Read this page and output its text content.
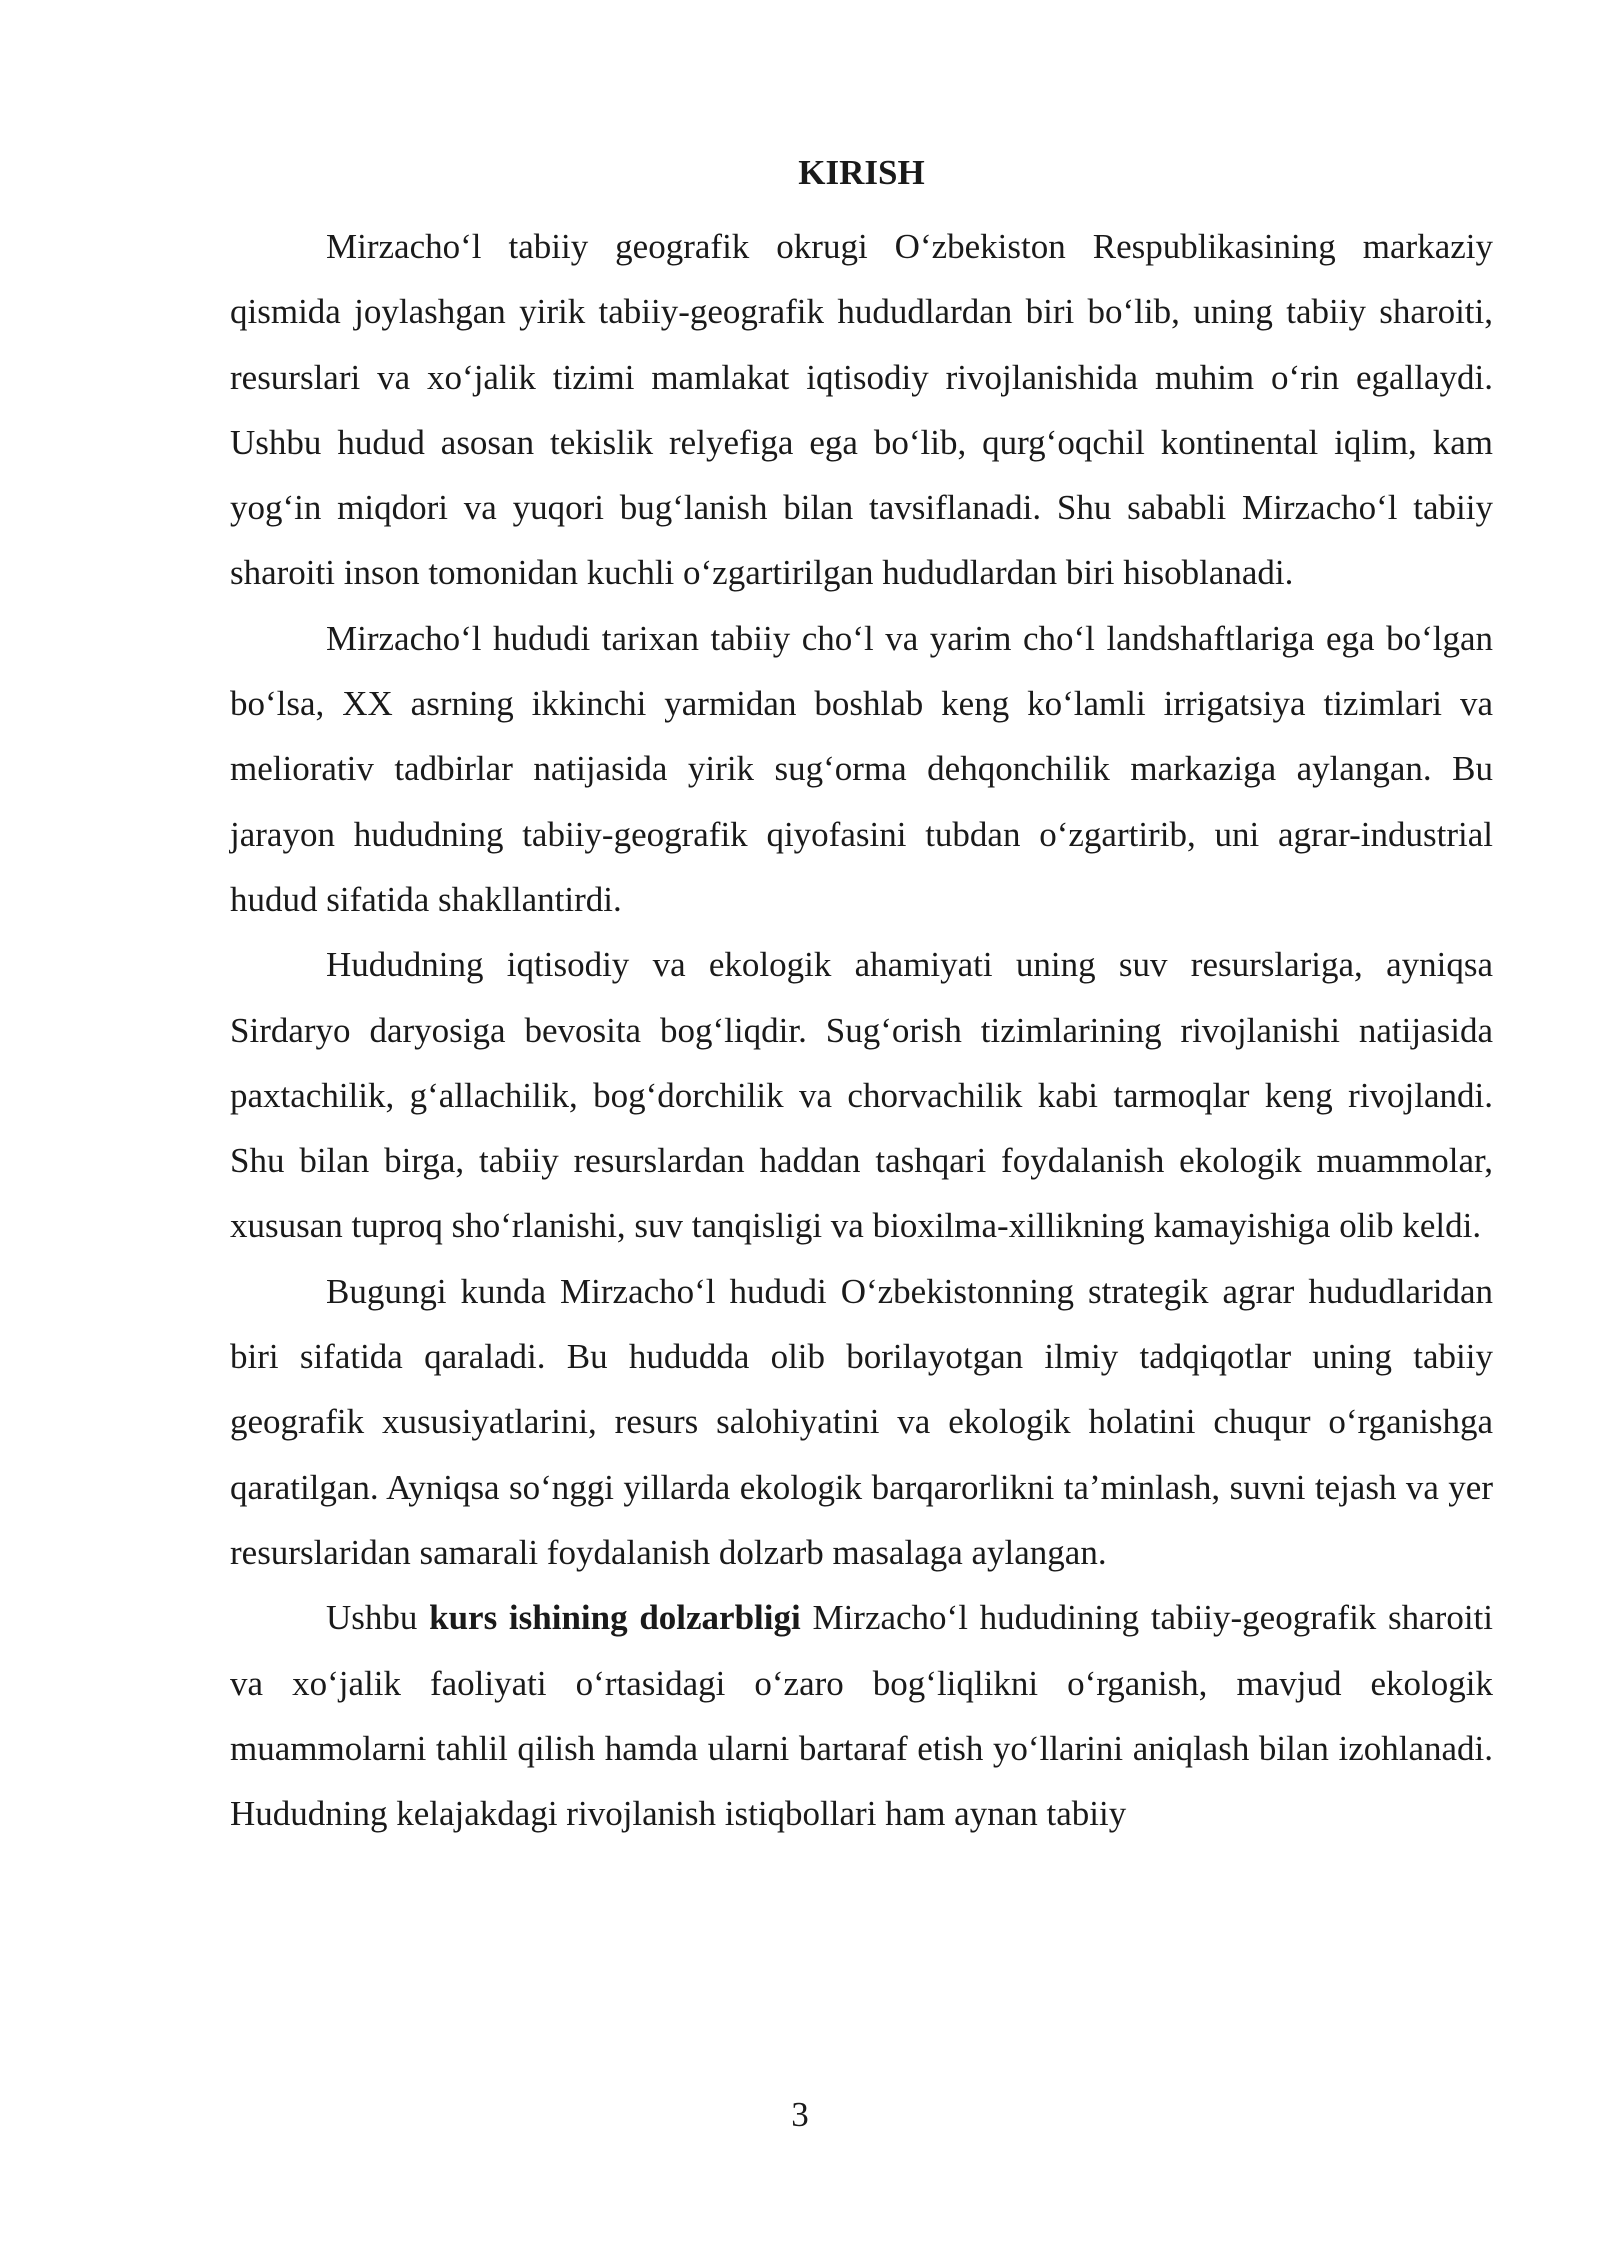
KIRISH

Mirzachoʻl tabiiy geografik okrugi Oʻzbekiston Respublikasining markaziy qismida joylashgan yirik tabiiy-geografik hududlardan biri boʻlib, uning tabiiy sharoiti, resurslari va xoʻjalik tizimi mamlakat iqtisodiy rivojlanishida muhim oʻrin egallaydi. Ushbu hudud asosan tekislik relyefiga ega boʻlib, qurgʻoqchil kontinental iqlim, kam yogʻin miqdori va yuqori bugʻlanish bilan tavsiflanadi. Shu sababli Mirzachoʻl tabiiy sharoiti inson tomonidan kuchli oʻzgartirilgan hududlardan biri hisoblanadi.

Mirzachoʻl hududi tarixan tabiiy choʻl va yarim choʻl landshaftlariga ega boʻlgan boʻlsa, XX asrning ikkinchi yarmidan boshlab keng koʻlamli irrigatsiya tizimlari va meliorativ tadbirlar natijasida yirik sugʻorma dehqonchilik markaziga aylangan. Bu jarayon hududning tabiiy-geografik qiyofasini tubdan oʻzgartirib, uni agrar-industrial hudud sifatida shakllantirdi.

Hududning iqtisodiy va ekologik ahamiyati uning suv resurslariga, ayniqsa Sirdaryo daryosiga bevosita bogʻliqdir. Sugʻorish tizimlarining rivojlanishi natijasida paxtachilik, gʻallachilik, bogʻdorchilik va chorvachilik kabi tarmoqlar keng rivojlandi. Shu bilan birga, tabiiy resurslardan haddan tashqari foydalanish ekologik muammolar, xususan tuproq shoʻrlanishi, suv tanqisligi va bioxilma-xillikning kamayishiga olib keldi.

Bugungi kunda Mirzachoʻl hududi Oʻzbekistonning strategik agrar hududlaridan biri sifatida qaraladi. Bu hududda olib borilayotgan ilmiy tadqiqotlar uning tabiiy geografik xususiyatlarini, resurs salohiyatini va ekologik holatini chuqur oʻrganishga qaratilgan. Ayniqsa soʻnggi yillarda ekologik barqarorlikni taʼminlash, suvni tejash va yer resurslaridan samarali foydalanish dolzarb masalaga aylangan.

Ushbu kurs ishining dolzarbligi Mirzachoʻl hududining tabiiy-geografik sharoiti va xoʻjalik faoliyati oʻrtasidagi oʻzaro bogʻliqlikni oʻrganish, mavjud ekologik muammolarni tahlil qilish hamda ularni bartaraf etish yoʻllarini aniqlash bilan izohlanadi. Hududning kelajakdagi rivojlanish istiqbollari ham aynan tabiiy

3
